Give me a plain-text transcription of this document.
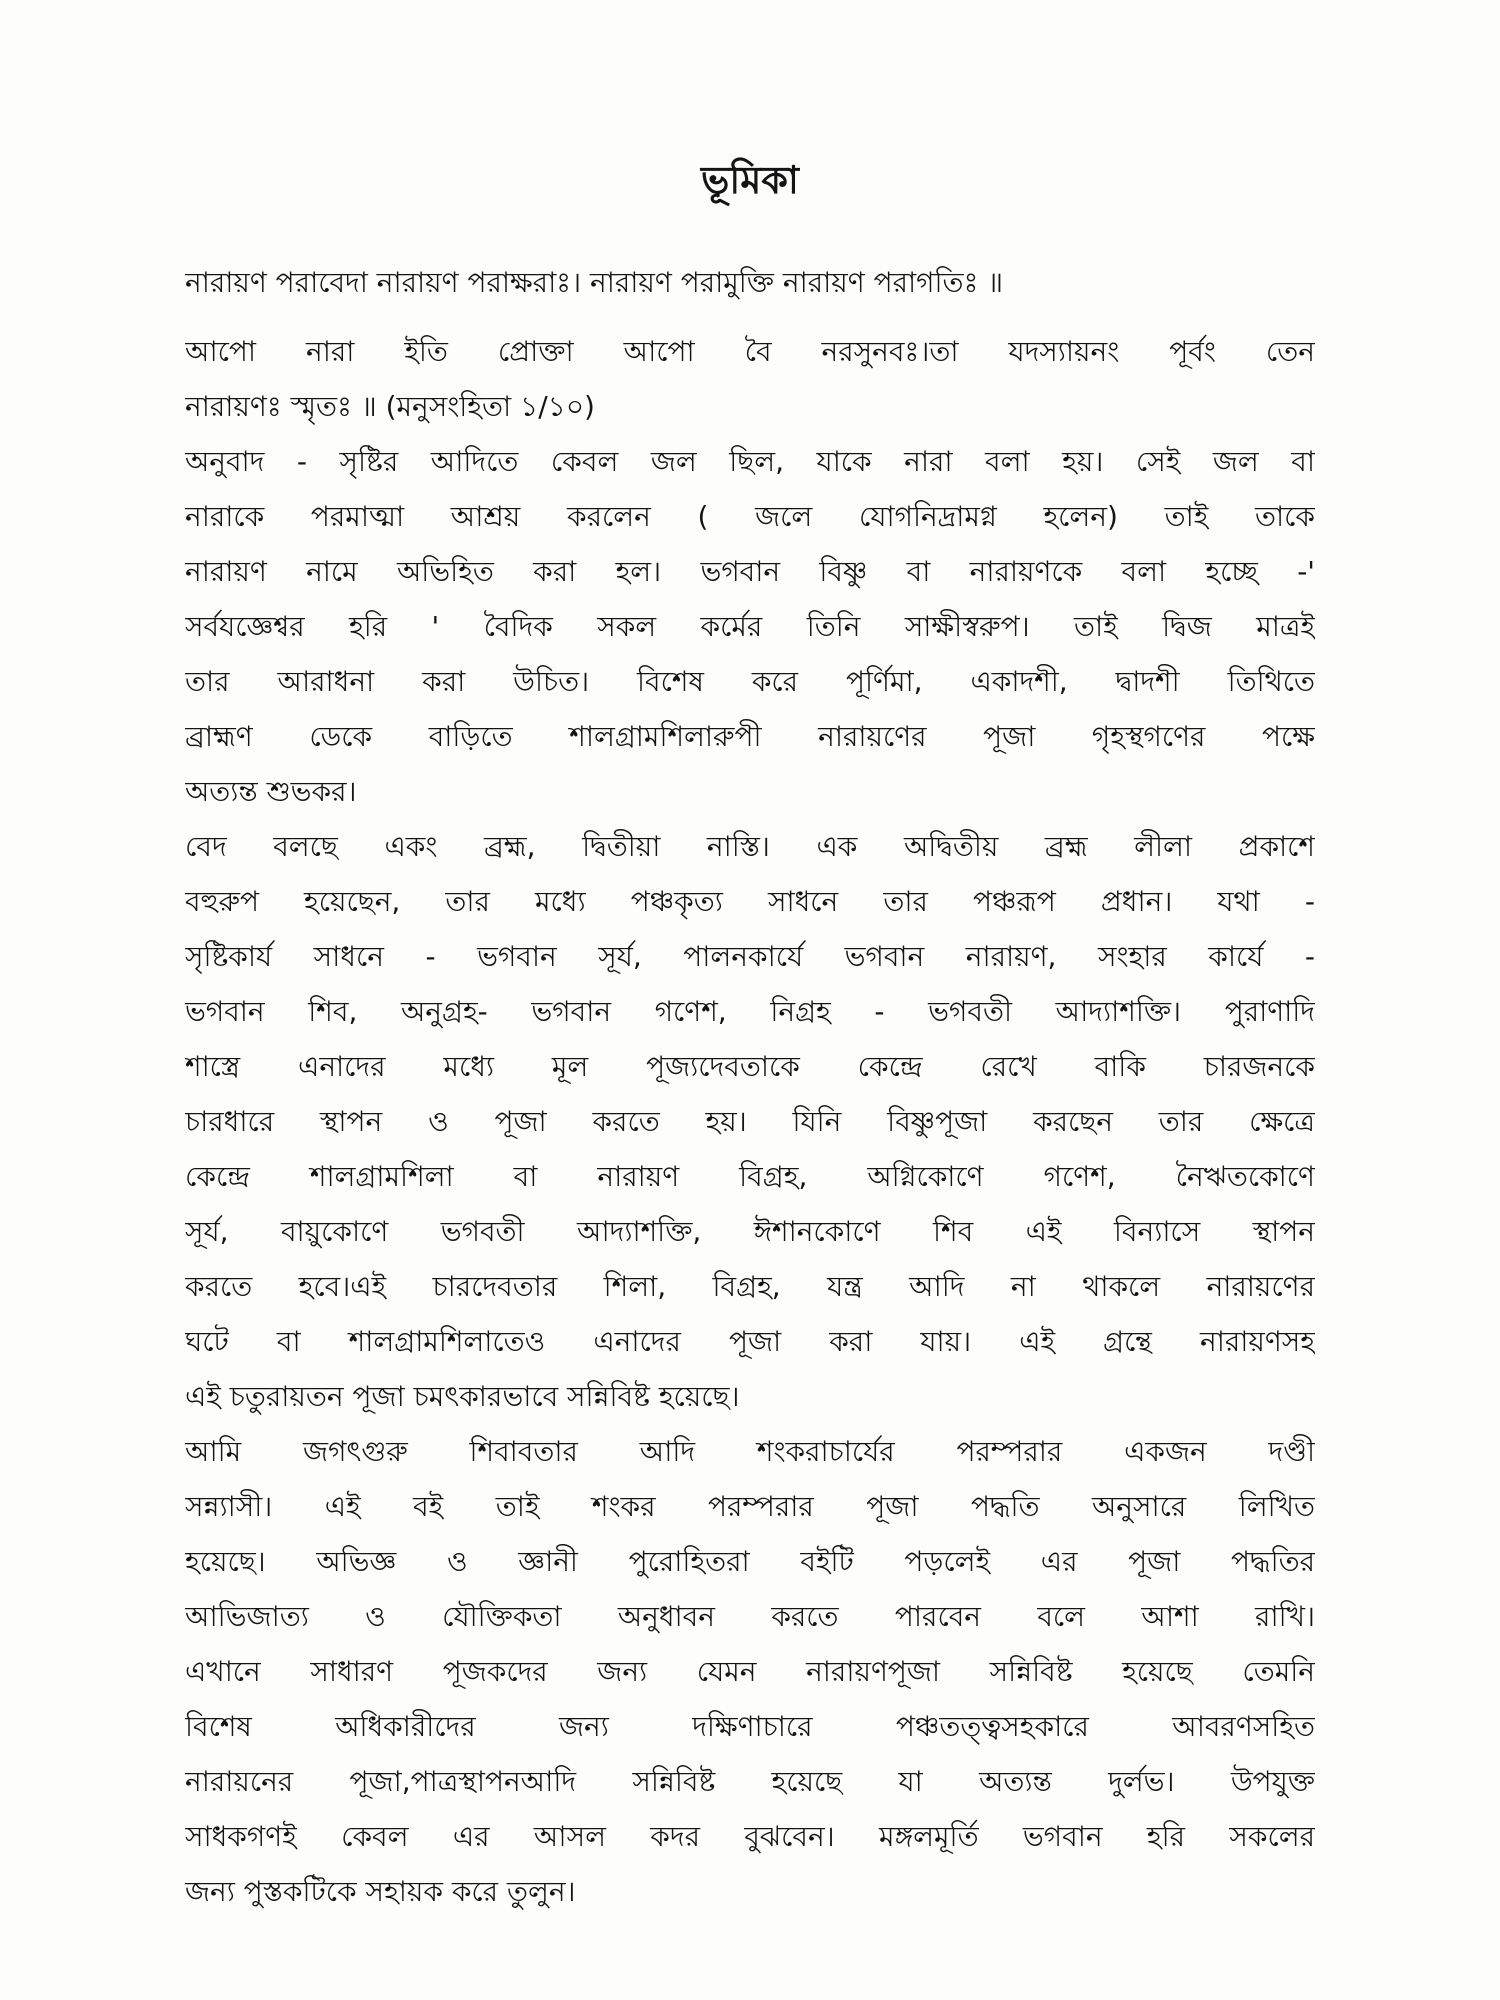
ভূমিকা
নারায়ণ পরাবেদা নারায়ণ পরাক্ষরাঃ। নারায়ণ পরামুক্তি নারায়ণ পরাগতিঃ ॥
আপো নারা ইতি প্রোক্তা আপো বৈ নরসুনবঃ।তা যদস্যায়নং পূর্বং তেন
নারায়ণঃ স্মৃতঃ ॥ (মনুসংহিতা ১/১০)
অনুবাদ - সৃষ্টির আদিতে কেবল জল ছিল, যাকে নারা বলা হয়। সেই জল বা
নারাকে পরমাত্মা আশ্রয় করলেন ( জলে যোগনিদ্রামগ্ন হলেন) তাই তাকে
নারায়ণ নামে অভিহিত করা হল। ভগবান বিষ্ণু বা নারায়ণকে বলা হচ্ছে -'
সর্বযজ্ঞেশ্বর হরি ' বৈদিক সকল কর্মের তিনি সাক্ষীস্বরুপ। তাই দ্বিজ মাত্রই
তার আরাধনা করা উচিত। বিশেষ করে পূর্ণিমা, একাদশী, দ্বাদশী তিথিতে
ব্রাহ্মণ ডেকে বাড়িতে শালগ্রামশিলারুপী নারায়ণের পূজা গৃহস্থগণের পক্ষে
অত্যন্ত শুভকর।
বেদ বলছে একং ব্রহ্ম, দ্বিতীয়া নাস্তি। এক অদ্বিতীয় ব্রহ্ম লীলা প্রকাশে
বহুরুপ হয়েছেন, তার মধ্যে পঞ্চকৃত্য সাধনে তার পঞ্চরূপ প্রধান। যথা -
সৃষ্টিকার্য সাধনে - ভগবান সূর্য, পালনকার্যে ভগবান নারায়ণ, সংহার কার্যে -
ভগবান শিব, অনুগ্রহ- ভগবান গণেশ, নিগ্রহ - ভগবতী আদ্যাশক্তি। পুরাণাদি
শাস্ত্রে এনাদের মধ্যে মূল পূজ্যদেবতাকে কেন্দ্রে রেখে বাকি চারজনকে
চারধারে স্থাপন ও পূজা করতে হয়। যিনি বিষ্ণুপূজা করছেন তার ক্ষেত্রে
কেন্দ্রে শালগ্রামশিলা বা নারায়ণ বিগ্রহ, অগ্নিকোণে গণেশ, নৈঋতকোণে
সূর্য, বায়ুকোণে ভগবতী আদ্যাশক্তি, ঈশানকোণে শিব এই বিন্যাসে স্থাপন
করতে হবে।এই চারদেবতার শিলা, বিগ্রহ, যন্ত্র আদি না থাকলে নারায়ণের
ঘটে বা শালগ্রামশিলাতেও এনাদের পূজা করা যায়। এই গ্রন্থে নারায়ণসহ
এই চতুরায়তন পূজা চমৎকারভাবে সন্নিবিষ্ট হয়েছে।
আমি জগৎগুরু শিবাবতার আদি শংকরাচার্যের পরম্পরার একজন দণ্ডী
সন্ন্যাসী। এই বই তাই শংকর পরম্পরার পূজা পদ্ধতি অনুসারে লিখিত
হয়েছে। অভিজ্ঞ ও জ্ঞানী পুরোহিতরা বইটি পড়লেই এর পূজা পদ্ধতির
আভিজাত্য ও যৌক্তিকতা অনুধাবন করতে পারবেন বলে আশা রাখি।
এখানে সাধারণ পূজকদের জন্য যেমন নারায়ণপূজা সন্নিবিষ্ট হয়েছে তেমনি
বিশেষ অধিকারীদের জন্য দক্ষিণাচারে পঞ্চতত্ত্বসহকারে আবরণসহিত
নারায়নের পূজা,পাত্রস্থাপনআদি সন্নিবিষ্ট হয়েছে যা অত্যন্ত দুর্লভ। উপযুক্ত
সাধকগণই কেবল এর আসল কদর বুঝবেন। মঙ্গলমূর্তি ভগবান হরি সকলের
জন্য পুস্তকটিকে সহায়ক করে তুলুন।
